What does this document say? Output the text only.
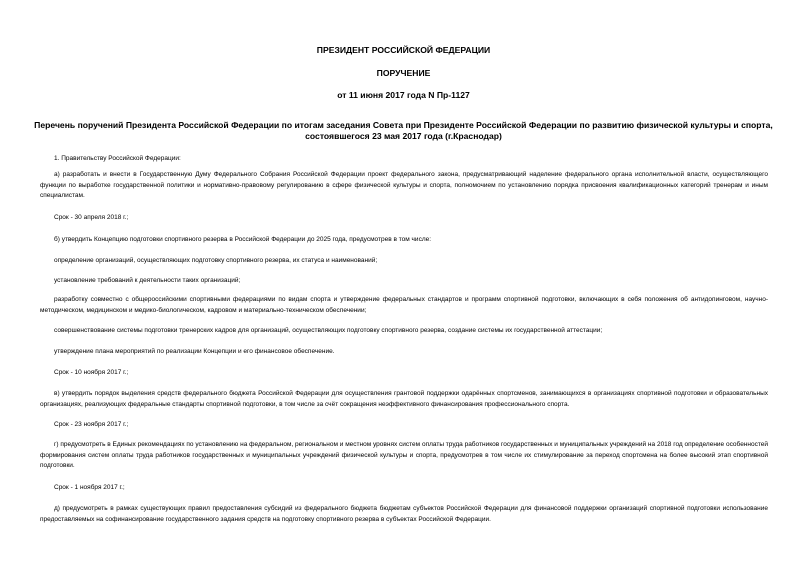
ПРЕЗИДЕНТ РОССИЙСКОЙ ФЕДЕРАЦИИ
ПОРУЧЕНИЕ
от 11 июня 2017 года N Пр-1127
Перечень поручений Президента Российской Федерации по итогам заседания Совета при Президенте Российской Федерации по развитию физической культуры и спорта, состоявшегося 23 мая 2017 года (г.Краснодар)
1. Правительству Российской Федерации:
а) разработать и внести в Государственную Думу Федерального Собрания Российской Федерации проект федерального закона, предусматривающий наделение федерального органа исполнительной власти, осуществляющего функции по выработке государственной политики и нормативно-правовому регулированию в сфере физической культуры и спорта, полномочием по установлению порядка присвоения квалификационных категорий тренерам и иным специалистам.
Срок - 30 апреля 2018 г.;
б) утвердить Концепцию подготовки спортивного резерва в Российской Федерации до 2025 года, предусмотрев в том числе:
определение организаций, осуществляющих подготовку спортивного резерва, их статуса и наименований;
установление требований к деятельности таких организаций;
разработку совместно с общероссийскими спортивными федерациями по видам спорта и утверждение федеральных стандартов и программ спортивной подготовки, включающих в себя положения об антидопинговом, научно-методическом, медицинском и медико-биологическом, кадровом и материально-техническом обеспечении;
совершенствование системы подготовки тренерских кадров для организаций, осуществляющих подготовку спортивного резерва, создание системы их государственной аттестации;
утверждение плана мероприятий по реализации Концепции и его финансовое обеспечение.
Срок - 10 ноября 2017 г.;
в) утвердить порядок выделения средств федерального бюджета Российской Федерации для осуществления грантовой поддержки одарённых спортсменов, занимающихся в организациях спортивной подготовки и образовательных организациях, реализующих федеральные стандарты спортивной подготовки, в том числе за счёт сокращения неэффективного финансирования профессионального спорта.
Срок - 23 ноября 2017 г.;
г) предусмотреть в Единых рекомендациях по установлению на федеральном, региональном и местном уровнях систем оплаты труда работников государственных и муниципальных учреждений на 2018 год определение особенностей формирования систем оплаты труда работников государственных и муниципальных учреждений физической культуры и спорта, предусмотрев в том числе их стимулирование за переход спортсмена на более высокий этап спортивной подготовки.
Срок - 1 ноября 2017 г.;
д) предусмотреть в рамках существующих правил предоставления субсидий из федерального бюджета бюджетам субъектов Российской Федерации для финансовой поддержки организаций спортивной подготовки использование предоставляемых на софинансирование государственного задания средств на подготовку спортивного резерва в субъектах Российской Федерации.
